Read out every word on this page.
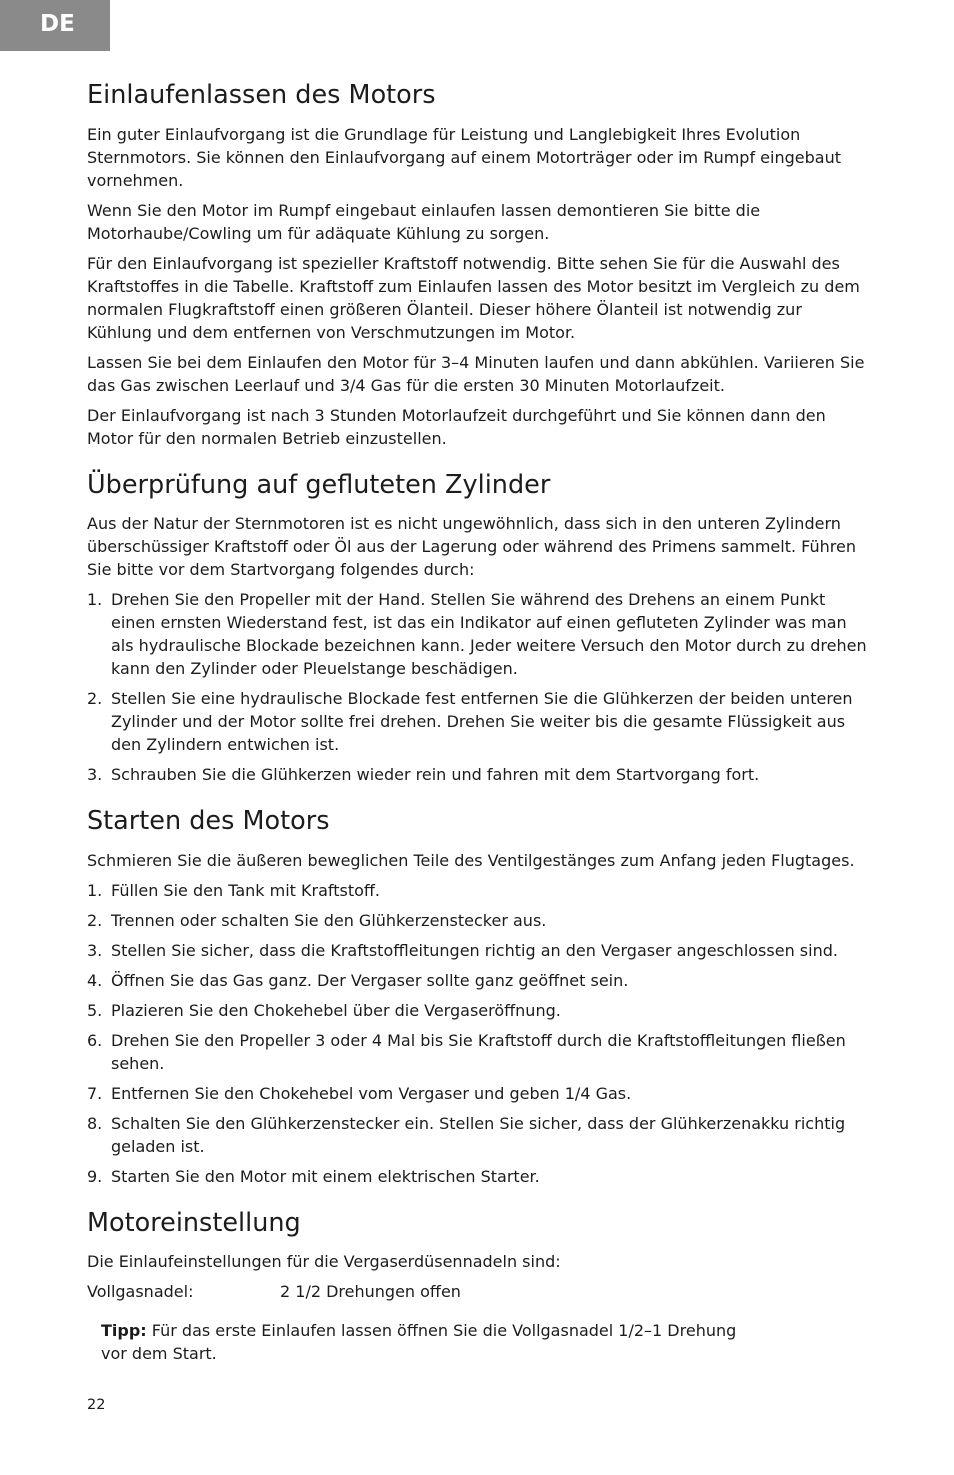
DE
Einlaufenlassen des Motors

Ein guter Einlaufvorgang ist die Grundlage für Leistung und Langlebigkeit Ihres Evolution Sternmotors. Sie können den Einlaufvorgang auf einem Motorträger oder im Rumpf eingebaut vornehmen.

Wenn Sie den Motor im Rumpf eingebaut einlaufen lassen demontieren Sie bitte die Motorhaube/Cowling um für adäquate Kühlung zu sorgen.

Für den Einlaufvorgang ist spezieller Kraftstoff notwendig. Bitte sehen Sie für die Auswahl des Kraftstoffes in die Tabelle. Kraftstoff zum Einlaufen lassen des Motor besitzt im Vergleich zu dem normalen Flugkraftstoff einen größeren Ölanteil. Dieser höhere Ölanteil ist notwendig zur Kühlung und dem entfernen von Verschmutzungen im Motor.

Lassen Sie bei dem Einlaufen den Motor für 3–4 Minuten laufen und dann abkühlen. Variieren Sie das Gas zwischen Leerlauf und 3/4 Gas für die ersten 30 Minuten Motorlaufzeit.

Der Einlaufvorgang ist nach 3 Stunden Motorlaufzeit durchgeführt und Sie können dann den Motor für den normalen Betrieb einzustellen.

Überprüfung auf gefluteten Zylinder

Aus der Natur der Sternmotoren ist es nicht ungewöhnlich, dass sich in den unteren Zylindern überschüssiger Kraftstoff oder Öl aus der Lagerung oder während des Primens sammelt. Führen Sie bitte vor dem Startvorgang folgendes durch:

1. Drehen Sie den Propeller mit der Hand. Stellen Sie während des Drehens an einem Punkt einen ernsten Wiederstand fest, ist das ein Indikator auf einen gefluteten Zylinder was man als hydraulische Blockade bezeichnen kann. Jeder weitere Versuch den Motor durch zu drehen kann den Zylinder oder Pleuelstange beschädigen.
2. Stellen Sie eine hydraulische Blockade fest entfernen Sie die Glühkerzen der beiden unteren Zylinder und der Motor sollte frei drehen. Drehen Sie weiter bis die gesamte Flüssigkeit aus den Zylindern entwichen ist.
3. Schrauben Sie die Glühkerzen wieder rein und fahren mit dem Startvorgang fort.
Starten des Motors

Schmieren Sie die äußeren beweglichen Teile des Ventilgestänges zum Anfang jeden Flugtages.

1. Füllen Sie den Tank mit Kraftstoff.
2. Trennen oder schalten Sie den Glühkerzenstecker aus.
3. Stellen Sie sicher, dass die Kraftstoffleitungen richtig an den Vergaser angeschlossen sind.
4. Öffnen Sie das Gas ganz. Der Vergaser sollte ganz geöffnet sein.
5. Plazieren Sie den Chokehebel über die Vergaseröffnung.
6. Drehen Sie den Propeller 3 oder 4 Mal bis Sie Kraftstoff durch die Kraftstoffleitungen fließen sehen.
7. Entfernen Sie den Chokehebel vom Vergaser und geben 1/4 Gas.
8. Schalten Sie den Glühkerzenstecker ein. Stellen Sie sicher, dass der Glühkerzenakku richtig geladen ist.
9. Starten Sie den Motor mit einem elektrischen Starter.
Motoreinstellung

Die Einlaufeinstellungen für die Vergaserdüsennadeln sind:

Vollgasnadel:	2 1/2 Drehungen offen
Tipp: Für das erste Einlaufen lassen öffnen Sie die Vollgasnadel 1/2–1 Drehung vor dem Start.
22
